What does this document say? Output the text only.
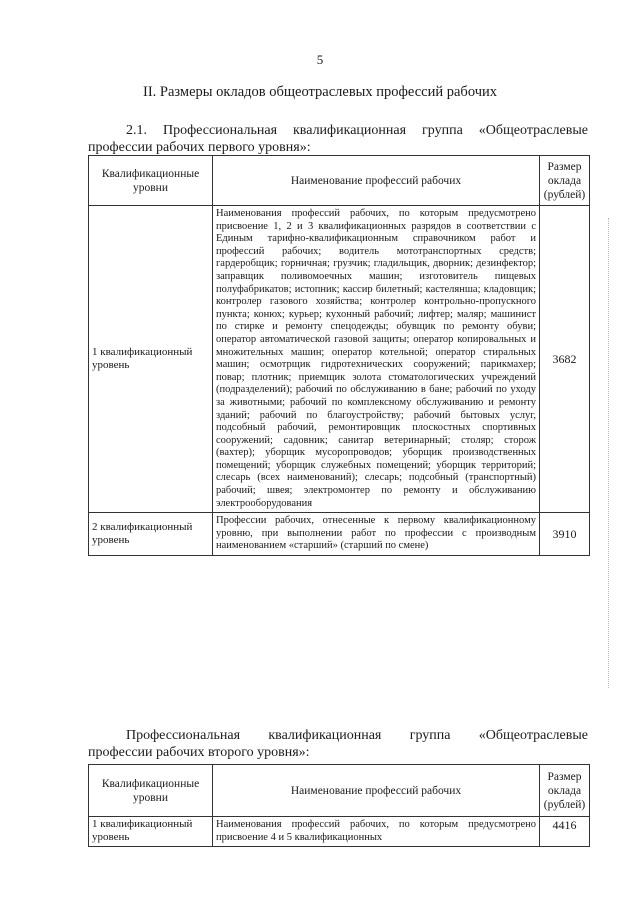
5
II. Размеры окладов общеотраслевых профессий рабочих
2.1. Профессиональная квалификационная группа «Общеотраслевые
профессии рабочих первого уровня»:
Квалификационные уровни	Наименование профессий рабочих	Размер оклада (рублей)
1 квалификационный уровень	Наименования профессий рабочих, по которым предусмотрено присвоение 1, 2 и 3 квалификационных разрядов в соответствии с Единым тарифно-квалификационным справочником работ и профессий рабочих; водитель мототранспортных средств; гардеробщик; горничная; грузчик; гладильщик, дворник; дезинфектор; заправщик поливомоечных машин; изготовитель пищевых полуфабрикатов; истопник; кассир билетный; кастелянша; кладовщик; контролер газового хозяйства; контролер контрольно-пропускного пункта; конюх; курьер; кухонный рабочий; лифтер; маляр; машинист по стирке и ремонту спецодежды; обувщик по ремонту обуви; оператор автоматической газовой защиты; оператор копировальных и множительных машин; оператор котельной; оператор стиральных машин; осмотрщик гидротехнических сооружений; парикмахер; повар; плотник; приемщик золота стоматологических учреждений (подразделений); рабочий по обслуживанию в бане; рабочий по уходу за животными; рабочий по комплексному обслуживанию и ремонту зданий; рабочий по благоустройству; рабочий бытовых услуг, подсобный рабочий, ремонтировщик плоскостных спортивных сооружений; садовник; санитар ветеринарный; столяр; сторож (вахтер); уборщик мусоропроводов; уборщик производственных помещений; уборщик служебных помещений; уборщик территорий; слесарь (всех наименований); слесарь; подсобный (транспортный) рабочий; швея; электромонтер по ремонту и обслуживанию электрооборудования	3682
2 квалификационный уровень	Профессии рабочих, отнесенные к первому квалификационному уровню, при выполнении работ по профессии с производным наименованием «старший» (старший по смене)	3910
Профессиональная квалификационная группа «Общеотраслевые
профессии рабочих второго уровня»:
Квалификационные уровни	Наименование профессий рабочих	Размер оклада (рублей)
1 квалификационный уровень	Наименования профессий рабочих, по которым предусмотрено присвоение 4 и 5 квалификационных	4416
